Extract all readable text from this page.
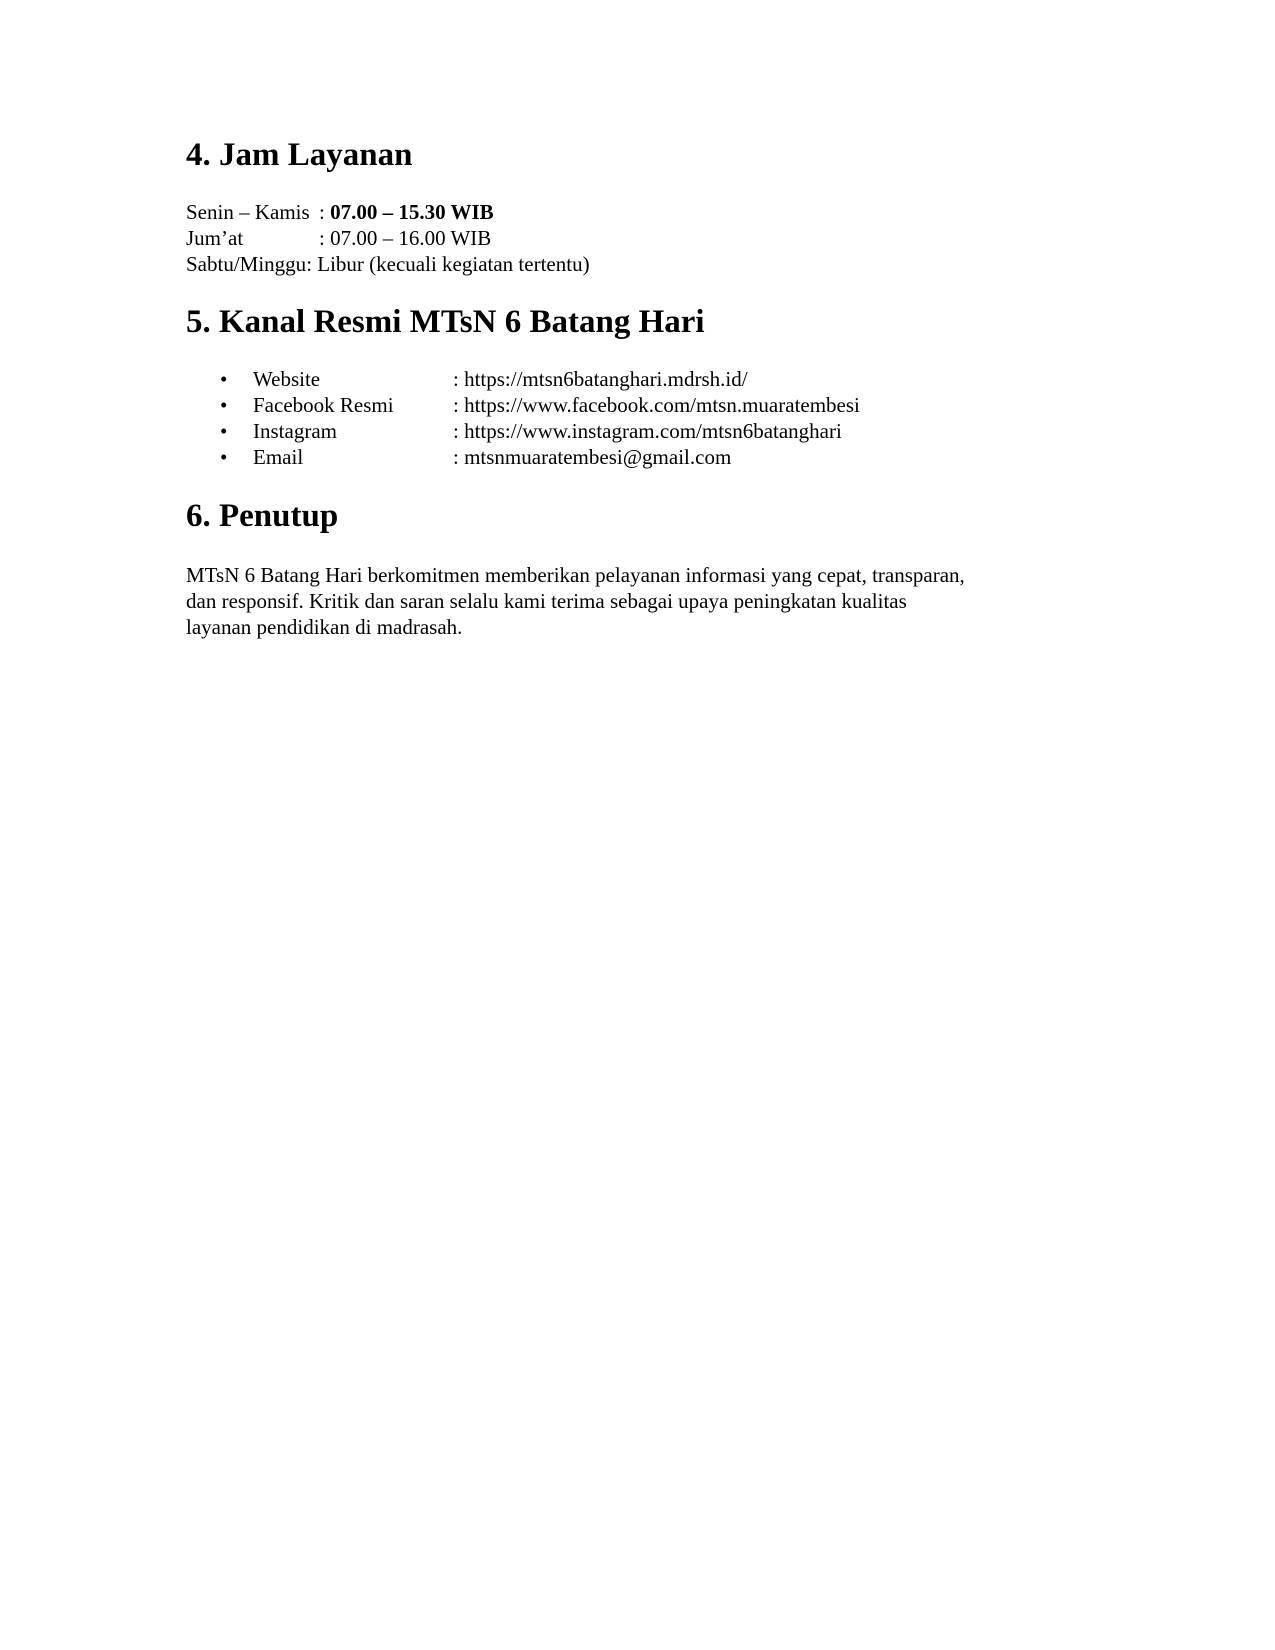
4. Jam Layanan
Senin – Kamis : 07.00 – 15.30 WIB
Jum’at	: 07.00 – 16.00 WIB
Sabtu/Minggu: Libur (kecuali kegiatan tertentu)
5. Kanal Resmi MTsN 6 Batang Hari
• Website	: https://mtsn6batanghari.mdrsh.id/
• Facebook Resmi	: https://www.facebook.com/mtsn.muaratembesi
• Instagram	: https://www.instagram.com/mtsn6batanghari
• Email	: mtsnmuaratembesi@gmail.com
6. Penutup
MTsN 6 Batang Hari berkomitmen memberikan pelayanan informasi yang cepat, transparan,
dan responsif. Kritik dan saran selalu kami terima sebagai upaya peningkatan kualitas
layanan pendidikan di madrasah.
